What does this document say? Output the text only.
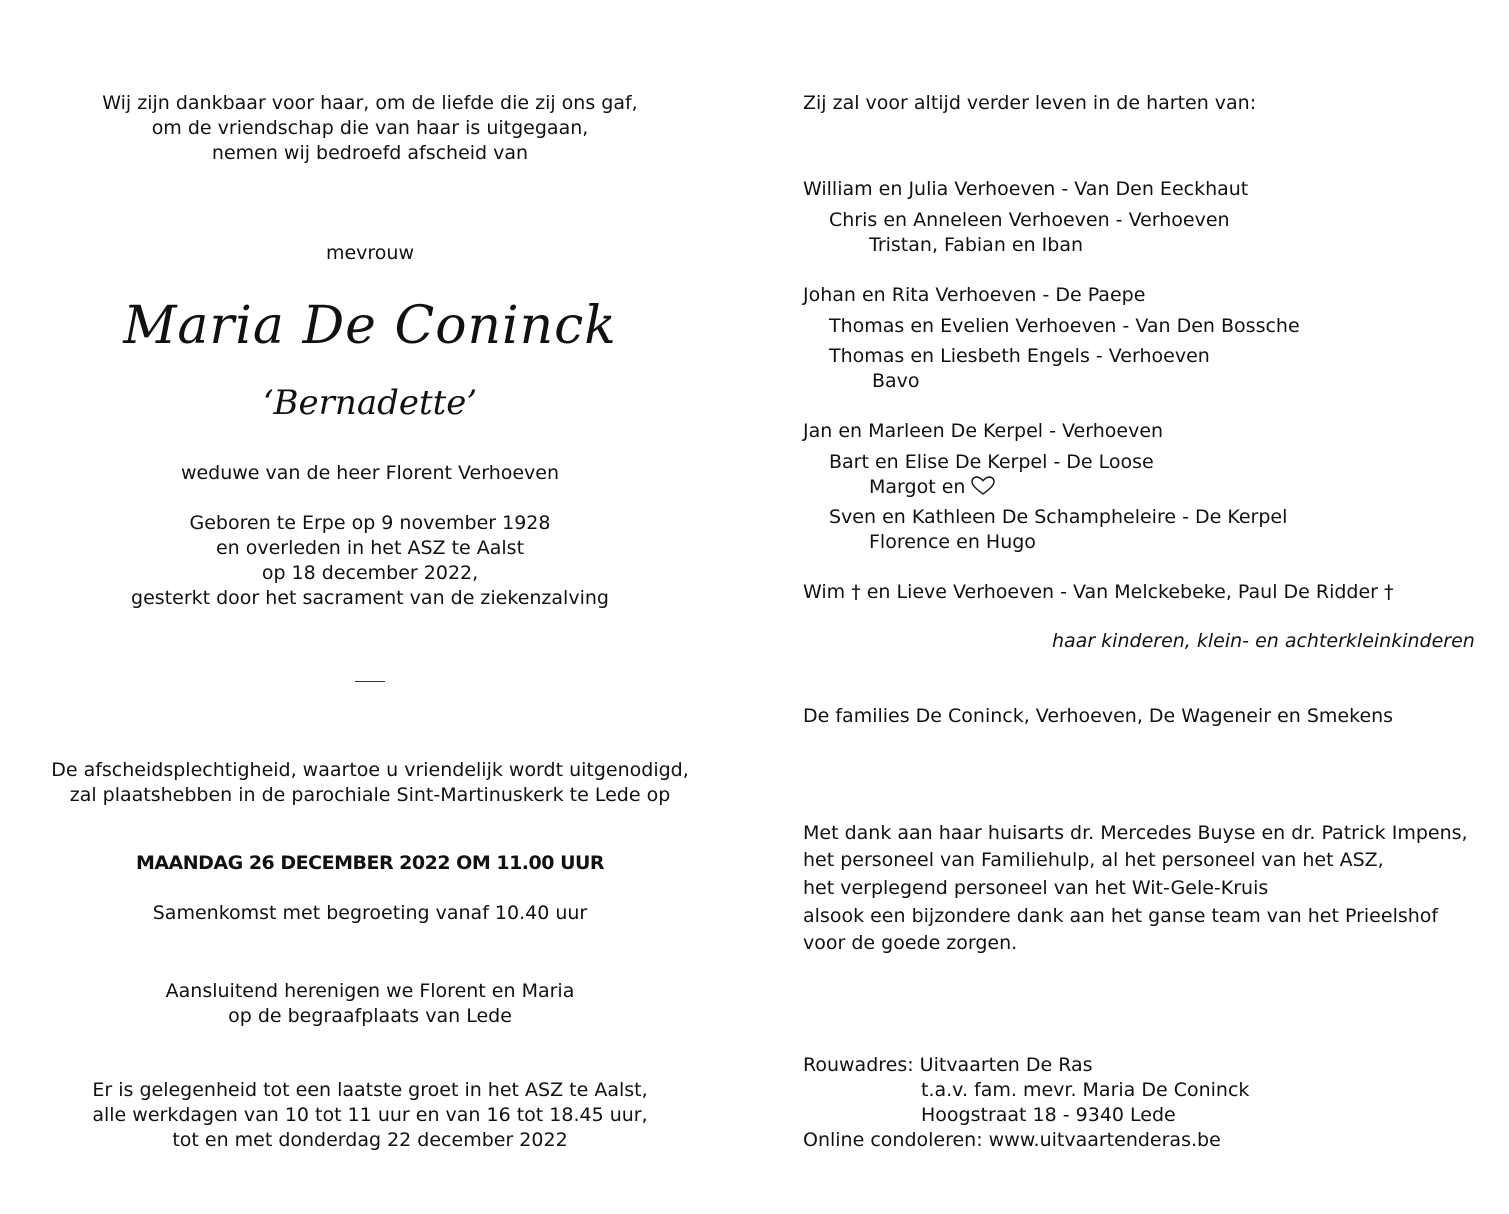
Wij zijn dankbaar voor haar, om de liefde die zij ons gaf,
om de vriendschap die van haar is uitgegaan,
nemen wij bedroefd afscheid van
mevrouw
Maria De Coninck
‘Bernadette’
weduwe van de heer Florent Verhoeven
Geboren te Erpe op 9 november 1928
en overleden in het ASZ te Aalst
op 18 december 2022,
gesterkt door het sacrament van de ziekenzalving
De afscheidsplechtigheid, waartoe u vriendelijk wordt uitgenodigd,
zal plaatshebben in de parochiale Sint-Martinuskerk te Lede op
MAANDAG 26 DECEMBER 2022 OM 11.00 UUR
Samenkomst met begroeting vanaf 10.40 uur
Aansluitend herenigen we Florent en Maria
op de begraafplaats van Lede
Er is gelegenheid tot een laatste groet in het ASZ te Aalst,
alle werkdagen van 10 tot 11 uur en van 16 tot 18.45 uur,
tot en met donderdag 22 december 2022
Zij zal voor altijd verder leven in de harten van:
William en Julia Verhoeven - Van Den Eeckhaut
Chris en Anneleen Verhoeven - Verhoeven
Tristan, Fabian en Iban
Johan en Rita Verhoeven - De Paepe
Thomas en Evelien Verhoeven - Van Den Bossche
Thomas en Liesbeth Engels - Verhoeven
Bavo
Jan en Marleen De Kerpel - Verhoeven
Bart en Elise De Kerpel - De Loose
Margot en
Sven en Kathleen De Schampheleire - De Kerpel
Florence en Hugo
Wim † en Lieve Verhoeven - Van Melckebeke, Paul De Ridder †
haar kinderen, klein- en achterkleinkinderen
De families De Coninck, Verhoeven, De Wageneir en Smekens
Met dank aan haar huisarts dr. Mercedes Buyse en dr. Patrick Impens,
het personeel van Familiehulp, al het personeel van het ASZ,
het verplegend personeel van het Wit-Gele-Kruis
alsook een bijzondere dank aan het ganse team van het Prieelshof
voor de goede zorgen.
Rouwadres: Uitvaarten De Ras
t.a.v. fam. mevr. Maria De Coninck
Hoogstraat 18 - 9340 Lede
Online condoleren: www.uitvaartenderas.be
